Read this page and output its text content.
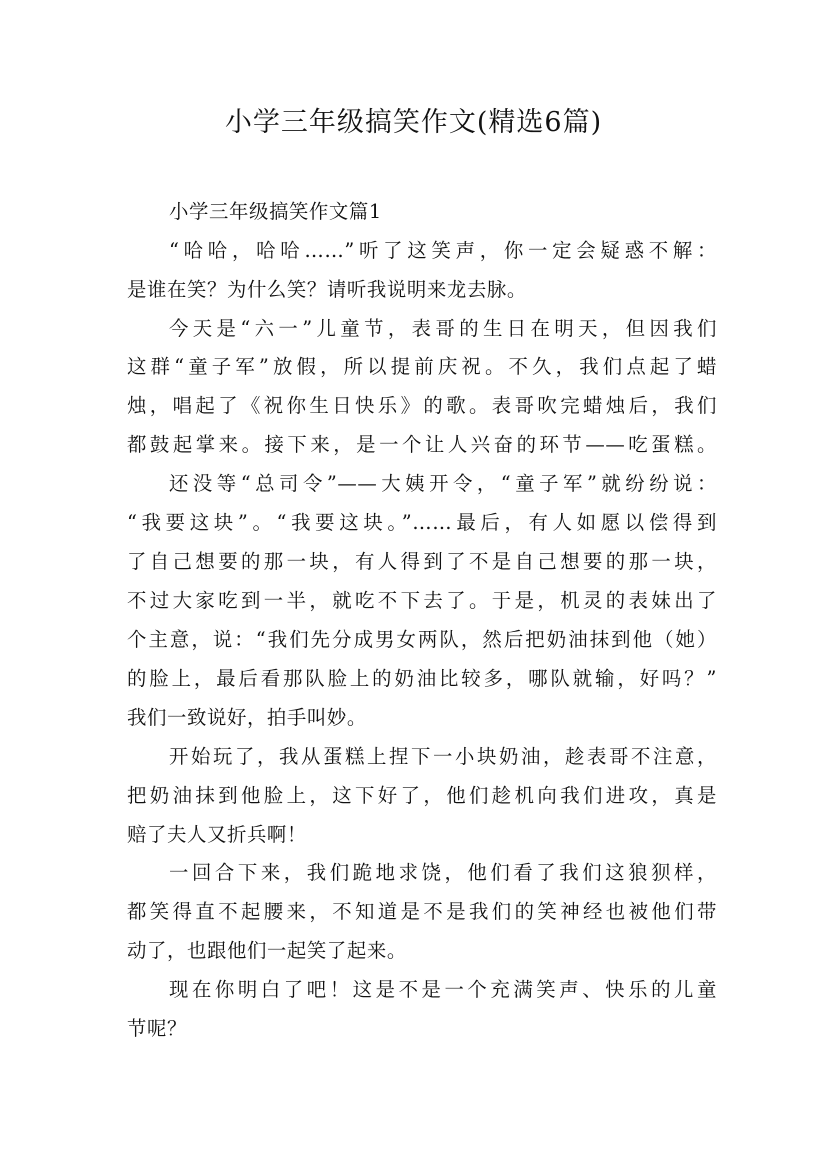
小学三年级搞笑作文(精选6篇)
小学三年级搞笑作文篇1
“哈哈，哈哈……”听了这笑声，你一定会疑惑不解：
是谁在笑？为什么笑？请听我说明来龙去脉。
今天是“六一”儿童节，表哥的生日在明天，但因我们
这群“童子军”放假，所以提前庆祝。不久，我们点起了蜡
烛，唱起了《祝你生日快乐》的歌。表哥吹完蜡烛后，我们
都鼓起掌来。接下来，是一个让人兴奋的环节——吃蛋糕。
还没等“总司令”——大姨开令，“童子军”就纷纷说：
“我要这块”。“我要这块。”……最后，有人如愿以偿得到
了自己想要的那一块，有人得到了不是自己想要的那一块，
不过大家吃到一半，就吃不下去了。于是，机灵的表妹出了
个主意，说：“我们先分成男女两队，然后把奶油抹到他（她）
的脸上，最后看那队脸上的奶油比较多，哪队就输，好吗？”
我们一致说好，拍手叫妙。
开始玩了，我从蛋糕上捏下一小块奶油，趁表哥不注意，
把奶油抹到他脸上，这下好了，他们趁机向我们进攻，真是
赔了夫人又折兵啊！
一回合下来，我们跪地求饶，他们看了我们这狼狈样，
都笑得直不起腰来，不知道是不是我们的笑神经也被他们带
动了，也跟他们一起笑了起来。
现在你明白了吧！这是不是一个充满笑声、快乐的儿童
节呢？
